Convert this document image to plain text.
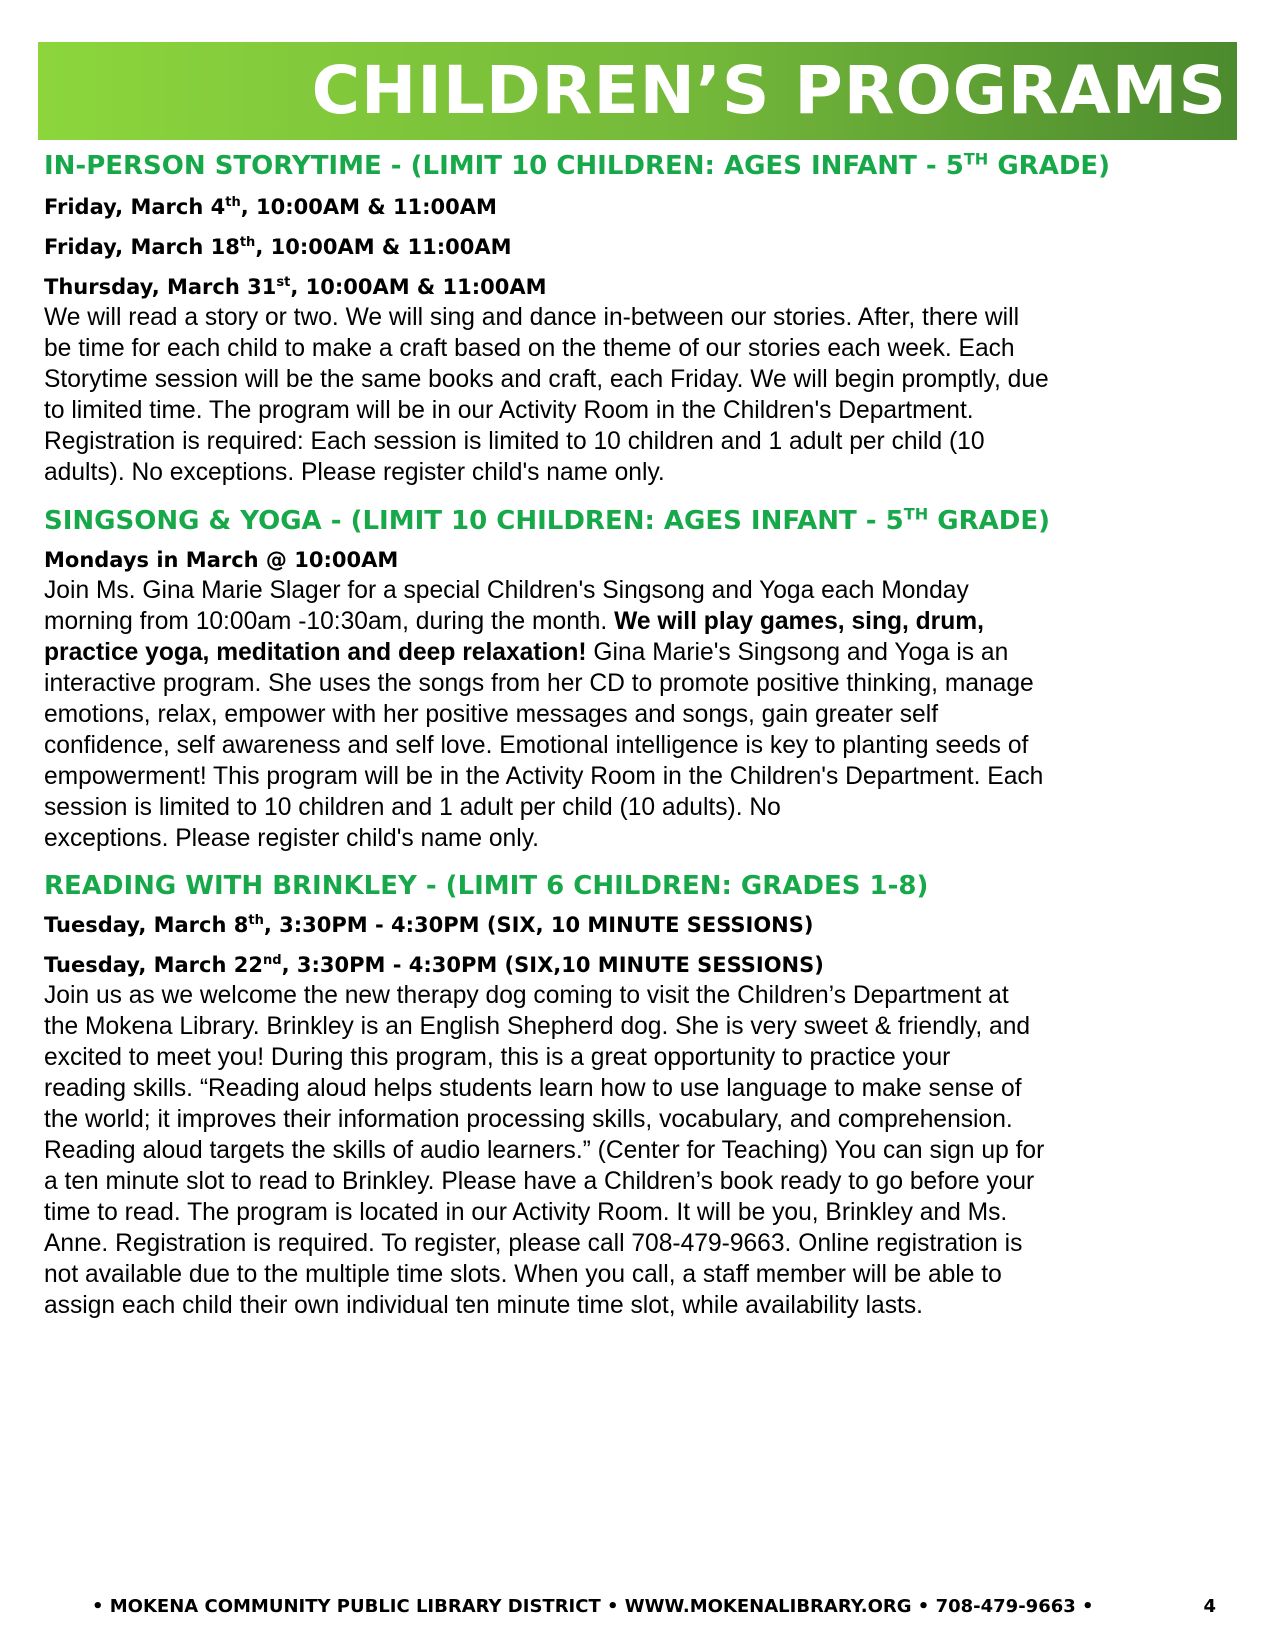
CHILDREN’S PROGRAMS
IN-PERSON STORYTIME - (LIMIT 10 CHILDREN: AGES INFANT - 5TH GRADE)
Friday, March 4th, 10:00AM & 11:00AM
Friday, March 18th, 10:00AM & 11:00AM
Thursday, March 31st, 10:00AM & 11:00AM

We will read a story or two. We will sing and dance in-between our stories. After, there will

be time for each child to make a craft based on the theme of our stories each week. Each

Storytime session will be the same books and craft, each Friday. We will begin promptly, due

to limited time. The program will be in our Activity Room in the Children's Department.

Registration is required: Each session is limited to 10 children and 1 adult per child (10

adults). No exceptions. Please register child's name only.

SINGSONG & YOGA - (LIMIT 10 CHILDREN: AGES INFANT - 5TH GRADE)
Mondays in March @ 10:00AM

Join Ms. Gina Marie Slager for a special Children's Singsong and Yoga each Monday

morning from 10:00am -10:30am, during the month. We will play games, sing, drum,

practice yoga, meditation and deep relaxation! Gina Marie's Singsong and Yoga is an

interactive program. She uses the songs from her CD to promote positive thinking, manage

emotions, relax, empower with her positive messages and songs, gain greater self

confidence, self awareness and self love. Emotional intelligence is key to planting seeds of

empowerment! This program will be in the Activity Room in the Children's Department. Each

session is limited to 10 children and 1 adult per child (10 adults). No

exceptions. Please register child's name only.

READING WITH BRINKLEY - (LIMIT 6 CHILDREN: GRADES 1-8)
Tuesday, March 8th, 3:30PM - 4:30PM (SIX, 10 MINUTE SESSIONS)
Tuesday, March 22nd, 3:30PM - 4:30PM (SIX,10 MINUTE SESSIONS)

Join us as we welcome the new therapy dog coming to visit the Children’s Department at

the Mokena Library. Brinkley is an English Shepherd dog. She is very sweet & friendly, and

excited to meet you! During this program, this is a great opportunity to practice your

reading skills. “Reading aloud helps students learn how to use language to make sense of

the world; it improves their information processing skills, vocabulary, and comprehension.

Reading aloud targets the skills of audio learners.” (Center for Teaching) You can sign up for

a ten minute slot to read to Brinkley. Please have a Children’s book ready to go before your

time to read. The program is located in our Activity Room. It will be you, Brinkley and Ms.

Anne. Registration is required. To register, please call 708-479-9663. Online registration is

not available due to the multiple time slots. When you call, a staff member will be able to

assign each child their own individual ten minute time slot, while availability lasts.

• MOKENA COMMUNITY PUBLIC LIBRARY DISTRICT • WWW.MOKENALIBRARY.ORG • 708-479-9663 •	4
